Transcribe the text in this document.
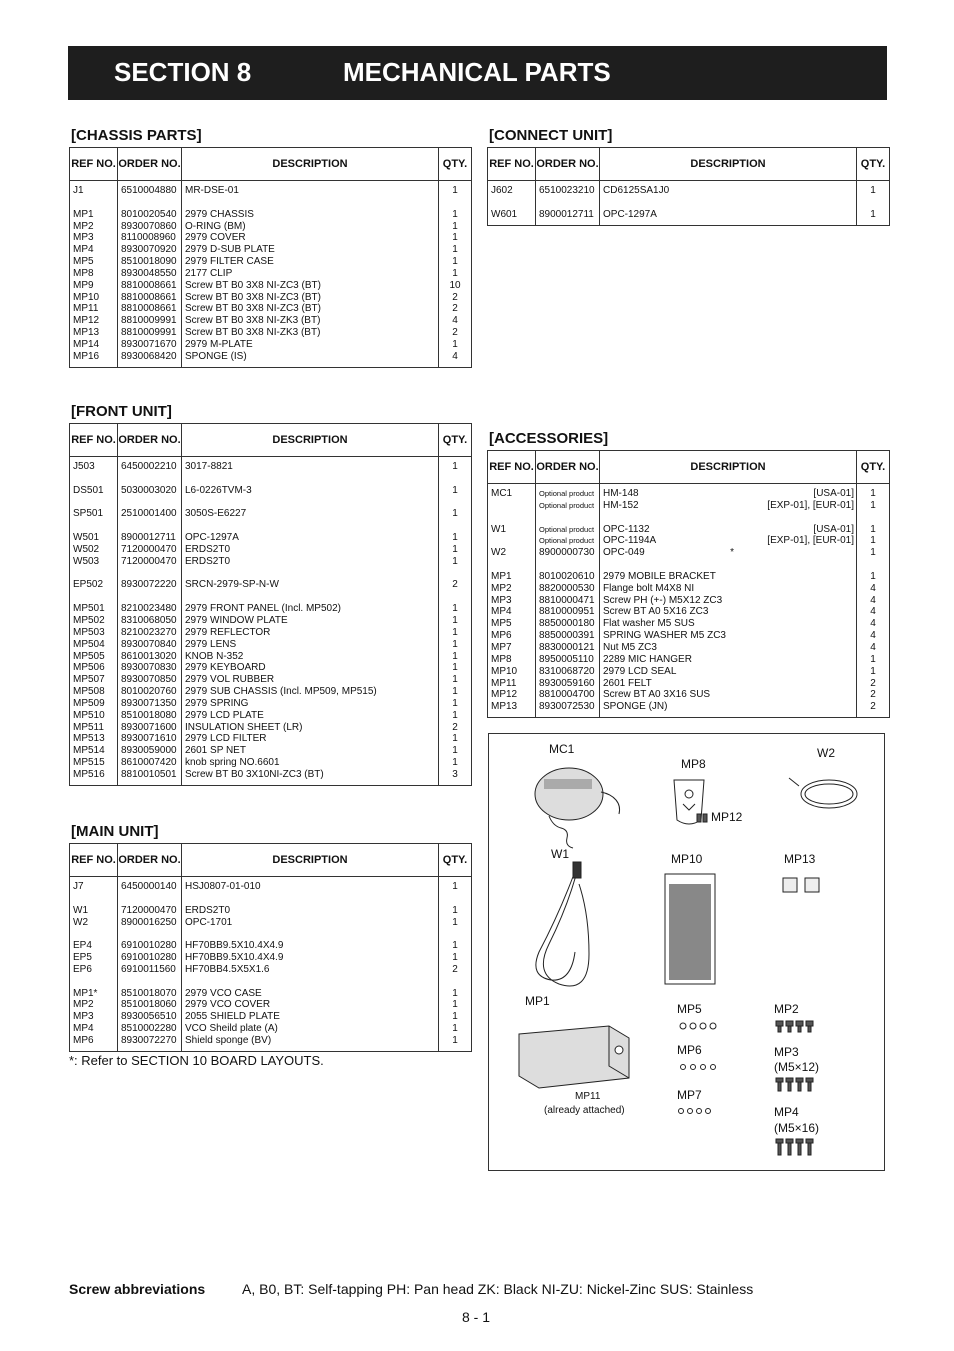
SECTION 8	MECHANICAL PARTS
[CHASSIS PARTS]
REF NO. ORDER NO.	DESCRIPTION	QTY.
J1	6510004880 MR-DSE-01	1
MP1	8010020540 2979 CHASSIS	1
MP2	8930070860 O-RING (BM)	1
MP3	8110008960 2979 COVER	1
MP4	8930070920 2979 D-SUB PLATE	1
MP5	8510018090 2979 FILTER CASE	1
MP8	8930048550 2177 CLIP	1
MP9	8810008661 Screw BT B0 3X8 NI-ZC3 (BT)	10
MP10	8810008661 Screw BT B0 3X8 NI-ZC3 (BT)	2
MP11	8810008661 Screw BT B0 3X8 NI-ZC3 (BT)	2
MP12	8810009991 Screw BT B0 3X8 NI-ZK3 (BT)	4
MP13	8810009991 Screw BT B0 3X8 NI-ZK3 (BT)	2
MP14	8930071670 2979 M-PLATE	1
MP16	8930068420 SPONGE (IS)	4
[CONNECT UNIT]
REF NO. ORDER NO.	DESCRIPTION	QTY.
J602	6510023210 CD6125SA1J0	1
W601	8900012711 OPC-1297A	1
[FRONT UNIT]
REF NO. ORDER NO.	DESCRIPTION	QTY.
J503	6450002210 3017-8821	1
DS501	5030003020 L6-0226TVM-3	1
SP501	2510001400 3050S-E6227	1
W501	8900012711 OPC-1297A	1
W502	7120000470 ERDS2T0	1
W503	7120000470 ERDS2T0	1
EP502	8930072220 SRCN-2979-SP-N-W	2
MP501	8210023480 2979 FRONT PANEL (Incl. MP502)	1
MP502	8310068050 2979 WINDOW PLATE	1
MP503	8210023270 2979 REFLECTOR	1
MP504	8930070840 2979 LENS	1
MP505	8610013020 KNOB N-352	1
MP506	8930070830 2979 KEYBOARD	1
MP507	8930070850 2979 VOL RUBBER	1
MP508	8010020760 2979 SUB CHASSIS (Incl. MP509, MP515)	1
MP509	8930071350 2979 SPRING	1
MP510	8510018080 2979 LCD PLATE	1
MP511	8930071600 INSULATION SHEET (LR)	2
MP513	8930071610 2979 LCD FILTER	1
MP514	8930059000 2601 SP NET	1
MP515	8610007420 knob spring NO.6601	1
MP516	8810010501 Screw BT B0 3X10NI-ZC3 (BT)	3
[MAIN UNIT]
REF NO. ORDER NO.	DESCRIPTION	QTY.
J7	6450000140 HSJ0807-01-010	1
W1	7120000470 ERDS2T0	1
W2	8900016250 OPC-1701	1
EP4	6910010280 HF70BB9.5X10.4X4.9	1
EP5	6910010280 HF70BB9.5X10.4X4.9	1
EP6	6910011560 HF70BB4.5X5X1.6	2
MP1*	8510018070 2979 VCO CASE	1
MP2	8510018060 2979 VCO COVER	1
MP3	8930056510 2055 SHIELD PLATE	1
MP4	8510002280 VCO Sheild plate (A)	1
MP6	8930072270 Shield sponge (BV)	1
*: Refer to SECTION 10 BOARD LAYOUTS.
[ACCESSORIES]
REF NO. ORDER NO.	DESCRIPTION	QTY.
MC1	Optional product HM-148	[USA-01]	1
Optional product HM-152	[EXP-01], [EUR-01]	1
W1	Optional product OPC-1132	[USA-01]	1
Optional product OPC-1194A	[EXP-01], [EUR-01]	1
W2	8900000730 OPC-049	*	1
MP1	8010020610 2979 MOBILE BRACKET	1
MP2	8820000530 Flange bolt M4X8 NI	4
MP3	8810000471 Screw PH (+-) M5X12 ZC3	4
MP4	8810000951 Screw BT A0 5X16 ZC3	4
MP5	8850000180 Flat washer M5 SUS	4
MP6	8850000391 SPRING WASHER M5 ZC3	4
MP7	8830000121 Nut M5 ZC3	4
MP8	8950005110 2289 MIC HANGER	1
MP10	8310068720 2979 LCD SEAL	1
MP11	8930059160 2601 FELT	2
MP12	8810004700 Screw BT A0 3X16 SUS	2
MP13	8930072530 SPONGE (JN)	2
MC1
MP8
W2
MP12
W1	MP10	MP13
MP1
MP5	MP2
MP6	MP3
(M5×12)
MP7
MP4
(M5×16)
MP11
(already attached)
Screw abbreviations	A, B0, BT: Self-tapping PH: Pan head ZK: Black NI-ZU: Nickel-Zinc SUS: Stainless
8 - 1
